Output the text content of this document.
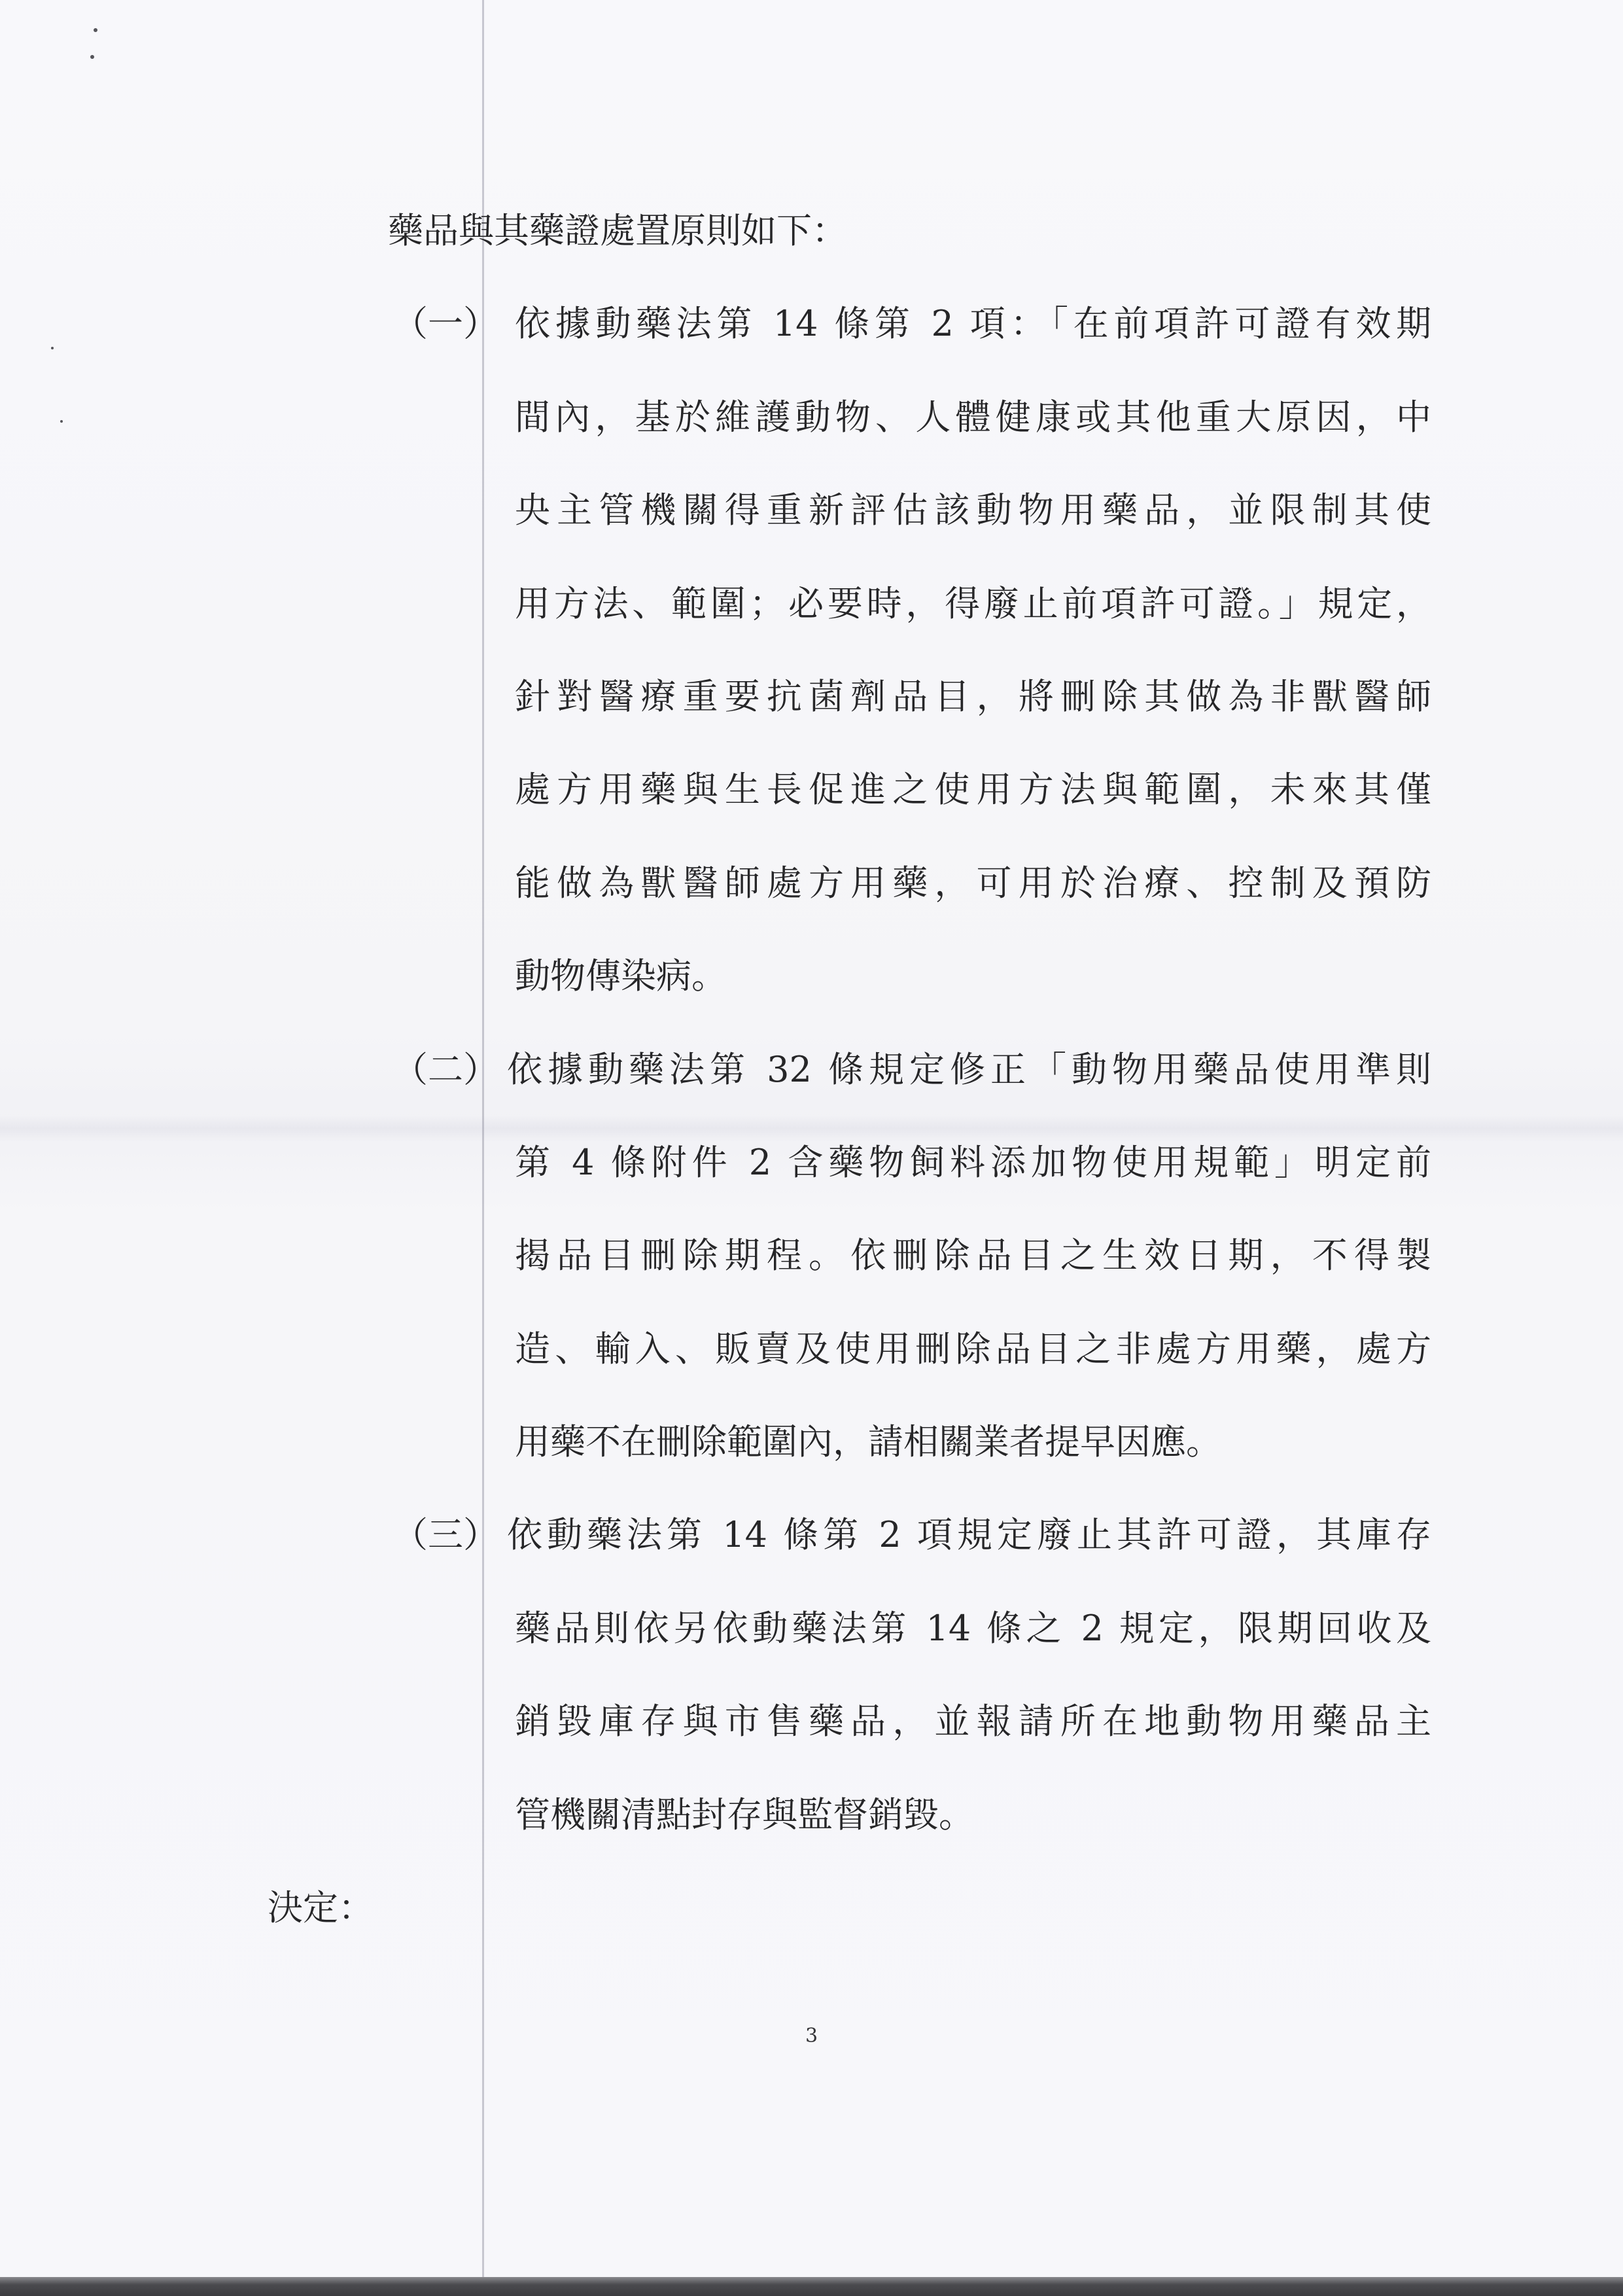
藥品與其藥證處置原則如下：
（一） 依據動藥法第 14 條第 2 項：「在前項許可證有效期
間內，基於維護動物、人體健康或其他重大原因，中
央主管機關得重新評估該動物用藥品，並限制其使
用方法、範圍；必要時，得廢止前項許可證。」規定，
針對醫療重要抗菌劑品目，將刪除其做為非獸醫師
處方用藥與生長促進之使用方法與範圍，未來其僅
能做為獸醫師處方用藥，可用於治療、控制及預防
動物傳染病。
（二） 依據動藥法第 32 條規定修正「動物用藥品使用準則
第 4 條附件 2 含藥物飼料添加物使用規範」明定前
揭品目刪除期程。依刪除品目之生效日期，不得製
造、輸入、販賣及使用刪除品目之非處方用藥，處方
用藥不在刪除範圍內，請相關業者提早因應。
（三） 依動藥法第 14 條第 2 項規定廢止其許可證，其庫存
藥品則依另依動藥法第 14 條之 2 規定，限期回收及
銷毀庫存與市售藥品，並報請所在地動物用藥品主
管機關清點封存與監督銷毀。
決定：
3
